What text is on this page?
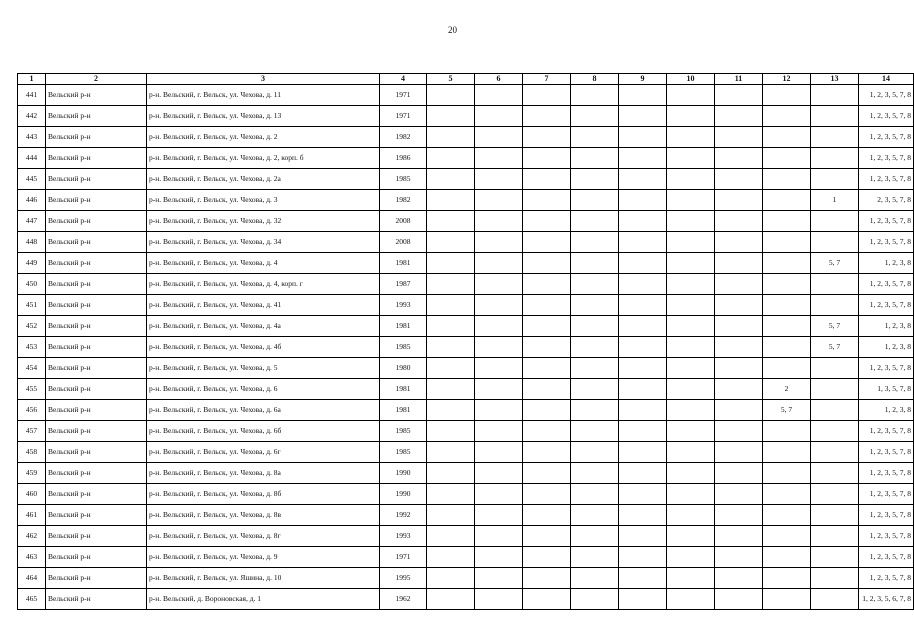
20
1	2	3	4	5	6	7	8	9	10	11	12	13	14
441	Вельский р-н	р-н. Вельский, г. Вельск, ул. Чехова, д. 11	1971										1, 2, 3, 5, 7, 8
442	Вельский р-н	р-н. Вельский, г. Вельск, ул. Чехова, д. 13	1971										1, 2, 3, 5, 7, 8
443	Вельский р-н	р-н. Вельский, г. Вельск, ул. Чехова, д. 2	1982										1, 2, 3, 5, 7, 8
444	Вельский р-н	р-н. Вельский, г. Вельск, ул. Чехова, д. 2, корп. б	1986										1, 2, 3, 5, 7, 8
445	Вельский р-н	р-н. Вельский, г. Вельск, ул. Чехова, д. 2а	1985										1, 2, 3, 5, 7, 8
446	Вельский р-н	р-н. Вельский, г. Вельск, ул. Чехова, д. 3	1982									1	2, 3, 5, 7, 8
447	Вельский р-н	р-н. Вельский, г. Вельск, ул. Чехова, д. 32	2008										1, 2, 3, 5, 7, 8
448	Вельский р-н	р-н. Вельский, г. Вельск, ул. Чехова, д. 34	2008										1, 2, 3, 5, 7, 8
449	Вельский р-н	р-н. Вельский, г. Вельск, ул. Чехова, д. 4	1981									5, 7	1, 2, 3, 8
450	Вельский р-н	р-н. Вельский, г. Вельск, ул. Чехова, д. 4, корп. г	1987										1, 2, 3, 5, 7, 8
451	Вельский р-н	р-н. Вельский, г. Вельск, ул. Чехова, д. 41	1993										1, 2, 3, 5, 7, 8
452	Вельский р-н	р-н. Вельский, г. Вельск, ул. Чехова, д. 4а	1981									5, 7	1, 2, 3, 8
453	Вельский р-н	р-н. Вельский, г. Вельск, ул. Чехова, д. 4б	1985									5, 7	1, 2, 3, 8
454	Вельский р-н	р-н. Вельский, г. Вельск, ул. Чехова, д. 5	1980										1, 2, 3, 5, 7, 8
455	Вельский р-н	р-н. Вельский, г. Вельск, ул. Чехова, д. 6	1981								2		1, 3, 5, 7, 8
456	Вельский р-н	р-н. Вельский, г. Вельск, ул. Чехова, д. 6а	1981								5, 7		1, 2, 3, 8
457	Вельский р-н	р-н. Вельский, г. Вельск, ул. Чехова, д. 6б	1985										1, 2, 3, 5, 7, 8
458	Вельский р-н	р-н. Вельский, г. Вельск, ул. Чехова, д. 6г	1985										1, 2, 3, 5, 7, 8
459	Вельский р-н	р-н. Вельский, г. Вельск, ул. Чехова, д. 8а	1990										1, 2, 3, 5, 7, 8
460	Вельский р-н	р-н. Вельский, г. Вельск, ул. Чехова, д. 8б	1990										1, 2, 3, 5, 7, 8
461	Вельский р-н	р-н. Вельский, г. Вельск, ул. Чехова, д. 8в	1992										1, 2, 3, 5, 7, 8
462	Вельский р-н	р-н. Вельский, г. Вельск, ул. Чехова, д. 8г	1993										1, 2, 3, 5, 7, 8
463	Вельский р-н	р-н. Вельский, г. Вельск, ул. Чехова, д. 9	1971										1, 2, 3, 5, 7, 8
464	Вельский р-н	р-н. Вельский, г. Вельск, ул. Яшина, д. 10	1995										1, 2, 3, 5, 7, 8
465	Вельский р-н	р-н. Вельский, д. Вороновская, д. 1	1962										1, 2, 3, 5, 6, 7, 8
